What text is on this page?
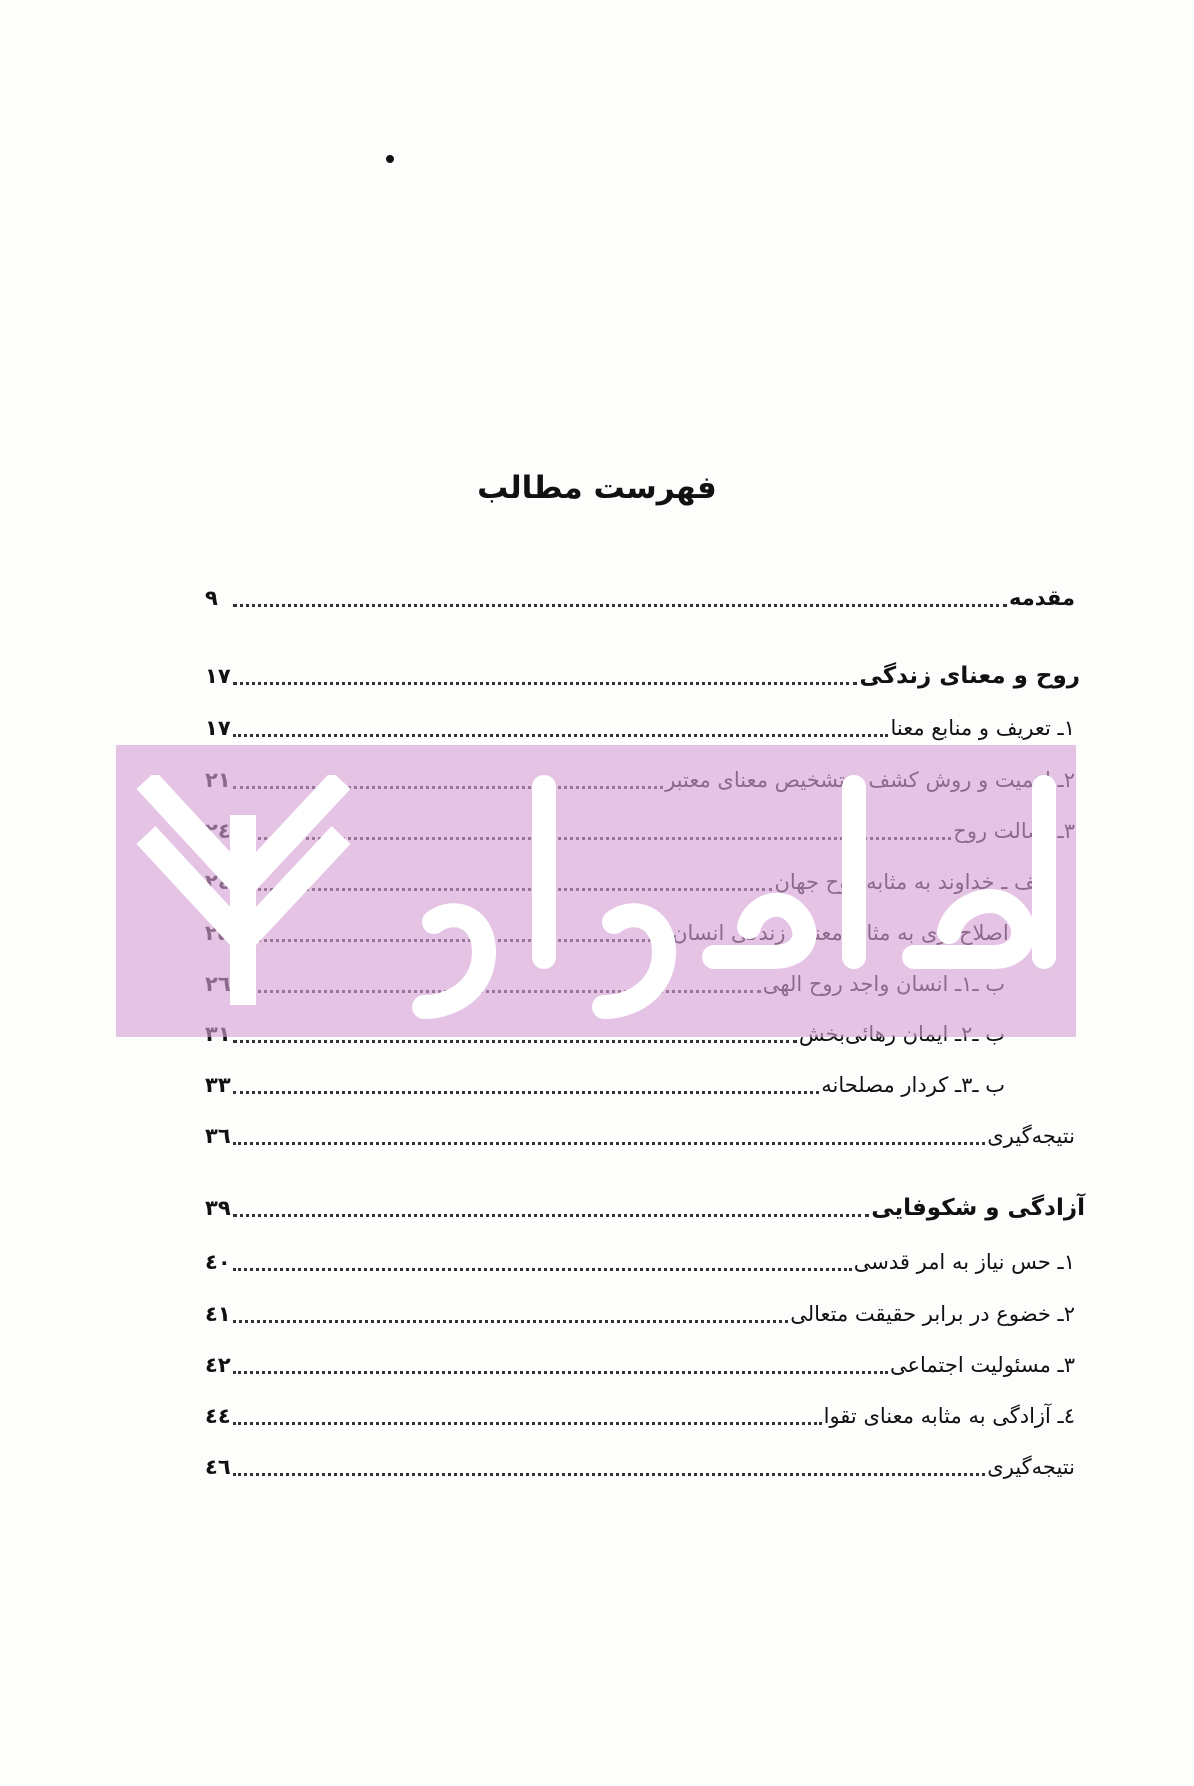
فهرست مطالب
مقدمه
۹
روح و معنای زندگی
۱۷
۱ـ تعریف و منابع معنا
۱۷
ب ـ۳ـ کردار مصلحانه
۳۳
نتیجه‌گیری
۳٦
آزادگی و شکوفایی
۳۹
۱ـ حس نیاز به امر قدسی
٤۰
۲ـ خضوع در برابر حقیقت متعالی
٤۱
۳ـ مسئولیت اجتماعی
٤۲
٤ـ آزادگی به مثابه معنای تقوا
٤٤
نتیجه‌گیری
٤٦
